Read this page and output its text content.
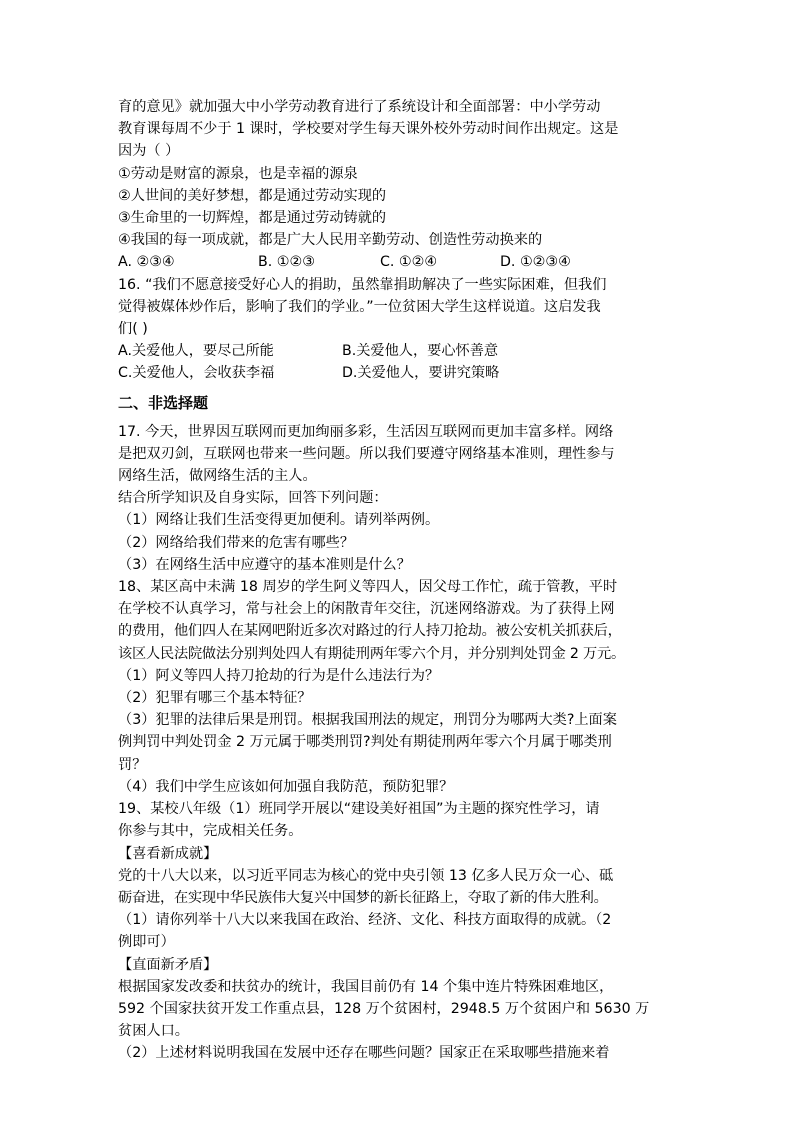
育的意见》就加强大中小学劳动教育进行了系统设计和全面部署：中小学劳动

教育课每周不少于 1 课时，学校要对学生每天课外校外劳动时间作出规定。这是

因为（ ）

①劳动是财富的源泉，也是幸福的源泉

②人世间的美好梦想，都是通过劳动实现的

③生命里的一切辉煌，都是通过劳动铸就的

④我国的每一项成就，都是广大人民用辛勤劳动、创造性劳动换来的

A. ②③④	B. ①②③	C. ①②④	D. ①②③④

16. “我们不愿意接受好心人的捐助，虽然靠捐助解决了一些实际困难，但我们

觉得被媒体炒作后，影响了我们的学业。”一位贫困大学生这样说道。这启发我

们( )

A.关爱他人，要尽己所能	B.关爱他人，要心怀善意
C.关爱他人，会收获李福	D.关爱他人，要讲究策略

二、非选择题

17. 今天，世界因互联网而更加绚丽多彩，生活因互联网而更加丰富多样。网络

是把双刃剑，互联网也带来一些问题。所以我们要遵守网络基本准则，理性参与

网络生活，做网络生活的主人。

结合所学知识及自身实际，回答下列问题：

（1）网络让我们生活变得更加便利。请列举两例。

（2）网络给我们带来的危害有哪些？

（3）在网络生活中应遵守的基本准则是什么？

18、某区高中未满 18 周岁的学生阿义等四人，因父母工作忙，疏于管教，平时

在学校不认真学习，常与社会上的闲散青年交往，沉迷网络游戏。为了获得上网

的费用，他们四人在某网吧附近多次对路过的行人持刀抢劫。被公安机关抓获后，

该区人民法院做法分别判处四人有期徒刑两年零六个月，并分别判处罚金 2 万元。

（1）阿义等四人持刀抢劫的行为是什么违法行为？

（2）犯罪有哪三个基本特征？

（3）犯罪的法律后果是刑罚。根据我国刑法的规定，刑罚分为哪两大类?上面案

例判罚中判处罚金 2 万元属于哪类刑罚?判处有期徒刑两年零六个月属于哪类刑

罚？

（4）我们中学生应该如何加强自我防范，预防犯罪？

19、某校八年级（1）班同学开展以“建设美好祖国”为主题的探究性学习，请

你参与其中，完成相关任务。

【喜看新成就】

党的十八大以来，以习近平同志为核心的党中央引领 13 亿多人民万众一心、砥

砺奋进，在实现中华民族伟大复兴中国梦的新长征路上，夺取了新的伟大胜利。

（1）请你列举十八大以来我国在政治、经济、文化、科技方面取得的成就。（2

例即可）

【直面新矛盾】

根据国家发改委和扶贫办的统计，我国目前仍有 14 个集中连片特殊困难地区，

592 个国家扶贫开发工作重点县，128 万个贫困村，2948.5 万个贫困户和 5630 万

贫困人口。

（2）上述材料说明我国在发展中还存在哪些问题？国家正在采取哪些措施来着
